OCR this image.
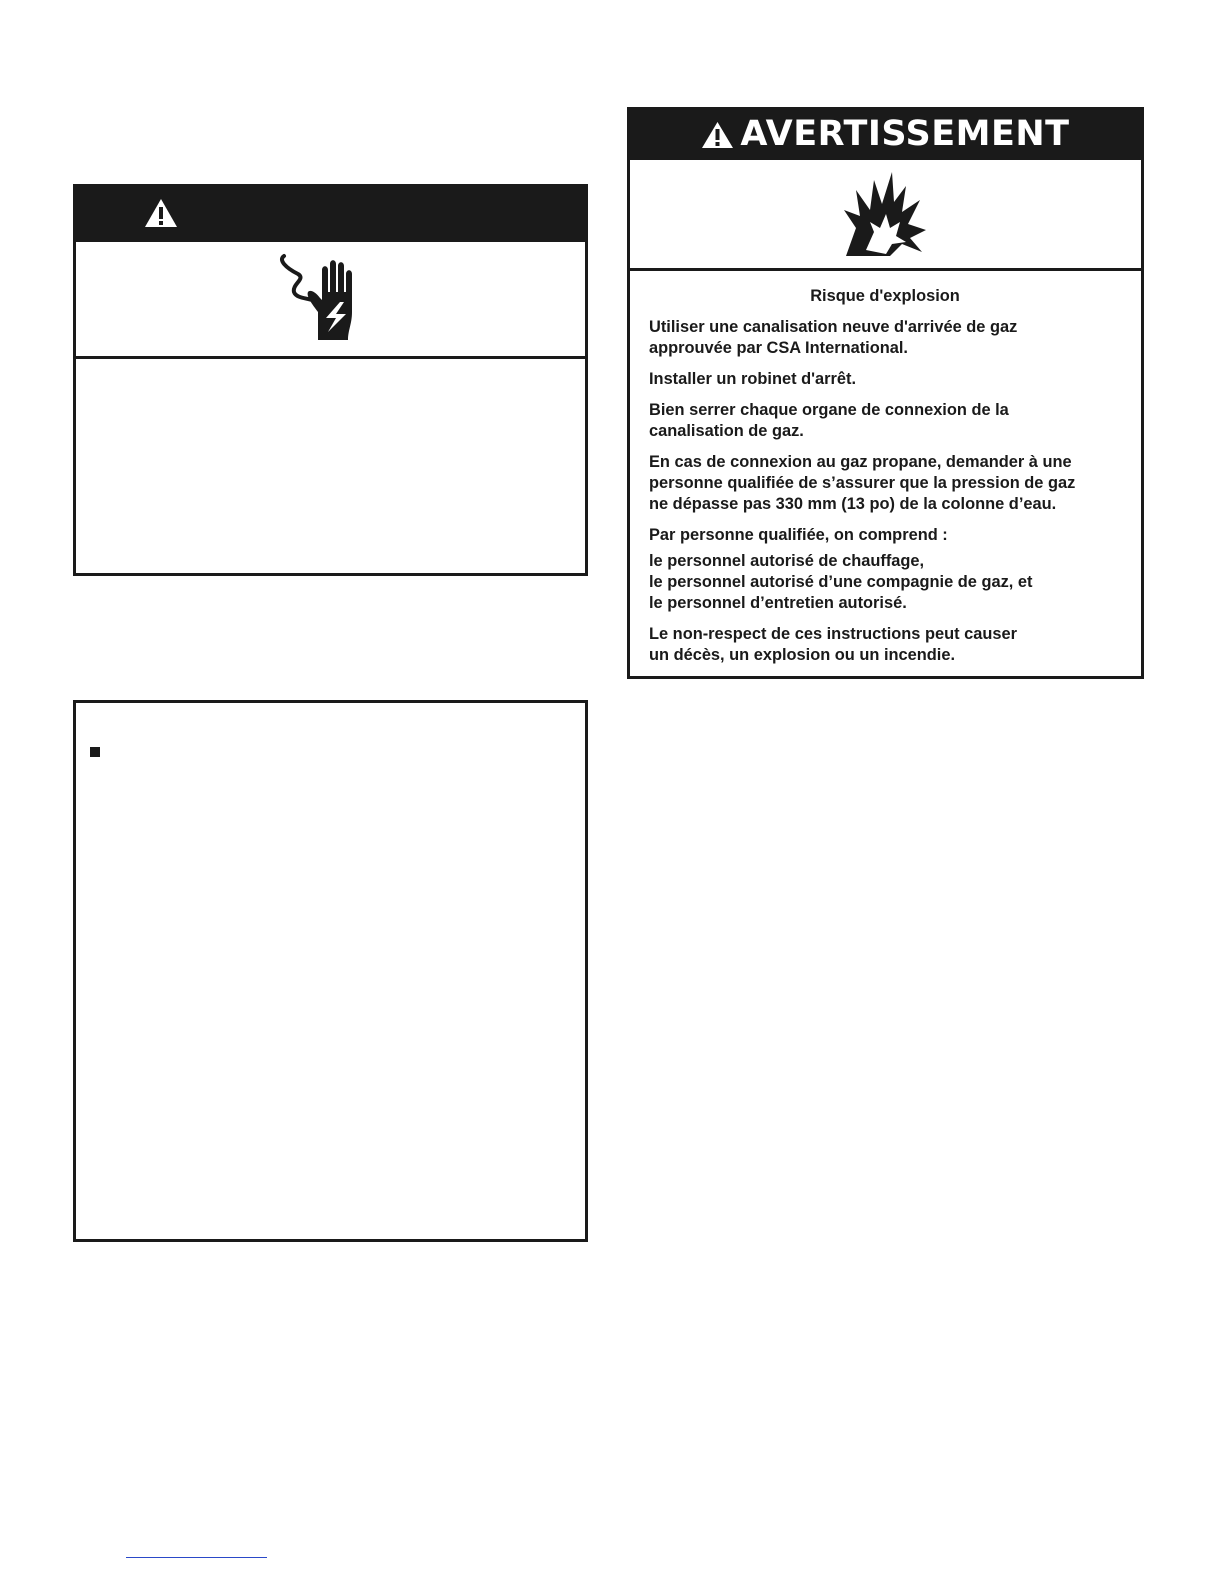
AVERTISSEMENT
Risque d'explosion

Utiliser une canalisation neuve d'arrivée de gaz
approuvée par CSA International.

Installer un robinet d'arrêt.

Bien serrer chaque organe de connexion de la
canalisation de gaz.

En cas de connexion au gaz propane, demander à une
personne qualifiée de s’assurer que la pression de gaz
ne dépasse pas 330 mm (13 po) de la colonne d’eau.

Par personne qualifiée, on comprend :

le personnel autorisé de chauffage,
le personnel autorisé d’une compagnie de gaz, et
le personnel d’entretien autorisé.

Le non-respect de ces instructions peut causer
un décès, un explosion ou un incendie.
